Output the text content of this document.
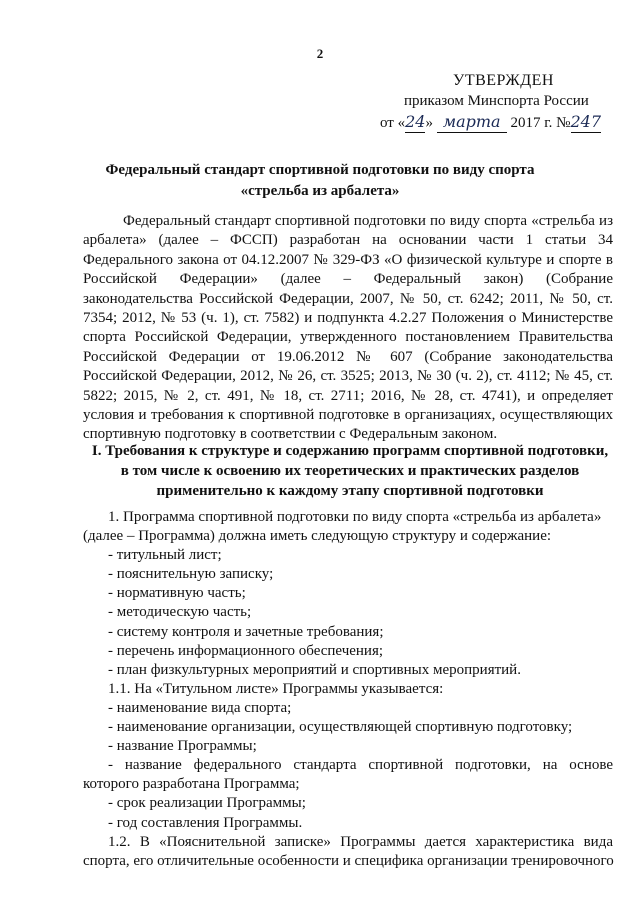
2
УТВЕРЖДЕН
приказом Минспорта России
от «24» марта 2017 г. №247
Федеральный стандарт спортивной подготовки по виду спорта
«стрельба из арбалета»
Федеральный стандарт спортивной подготовки по виду спорта «стрельба из арбалета» (далее – ФССП) разработан на основании части 1 статьи 34 Федерального закона от 04.12.2007 № 329-ФЗ «О физической культуре и спорте в Российской Федерации» (далее – Федеральный закон) (Собрание законодательства Российской Федерации, 2007, № 50, ст. 6242; 2011, № 50, ст. 7354; 2012, № 53 (ч. 1), ст. 7582) и подпункта 4.2.27 Положения о Министерстве спорта Российской Федерации, утвержденного постановлением Правительства Российской Федерации от 19.06.2012 № 607 (Собрание законодательства Российской Федерации, 2012, № 26, ст. 3525; 2013, № 30 (ч. 2), ст. 4112; № 45, ст. 5822; 2015, № 2, ст. 491, № 18, ст. 2711; 2016, № 28, ст. 4741), и определяет условия и требования к спортивной подготовке в организациях, осуществляющих спортивную подготовку в соответствии с Федеральным законом.
I. Требования к структуре и содержанию программ спортивной подготовки,
в том числе к освоению их теоретических и практических разделов
применительно к каждому этапу спортивной подготовки
1. Программа спортивной подготовки по виду спорта «стрельба из арбалета»
(далее – Программа) должна иметь следующую структуру и содержание:
- титульный лист;
- пояснительную записку;
- нормативную часть;
- методическую часть;
- систему контроля и зачетные требования;
- перечень информационного обеспечения;
- план физкультурных мероприятий и спортивных мероприятий.
1.1. На «Титульном листе» Программы указывается:
- наименование вида спорта;
- наименование организации, осуществляющей спортивную подготовку;
- название Программы;
- название федерального стандарта спортивной подготовки, на основе
которого разработана Программа;
- срок реализации Программы;
- год составления Программы.
1.2. В «Пояснительной записке» Программы дается характеристика вида
спорта, его отличительные особенности и специфика организации тренировочного
